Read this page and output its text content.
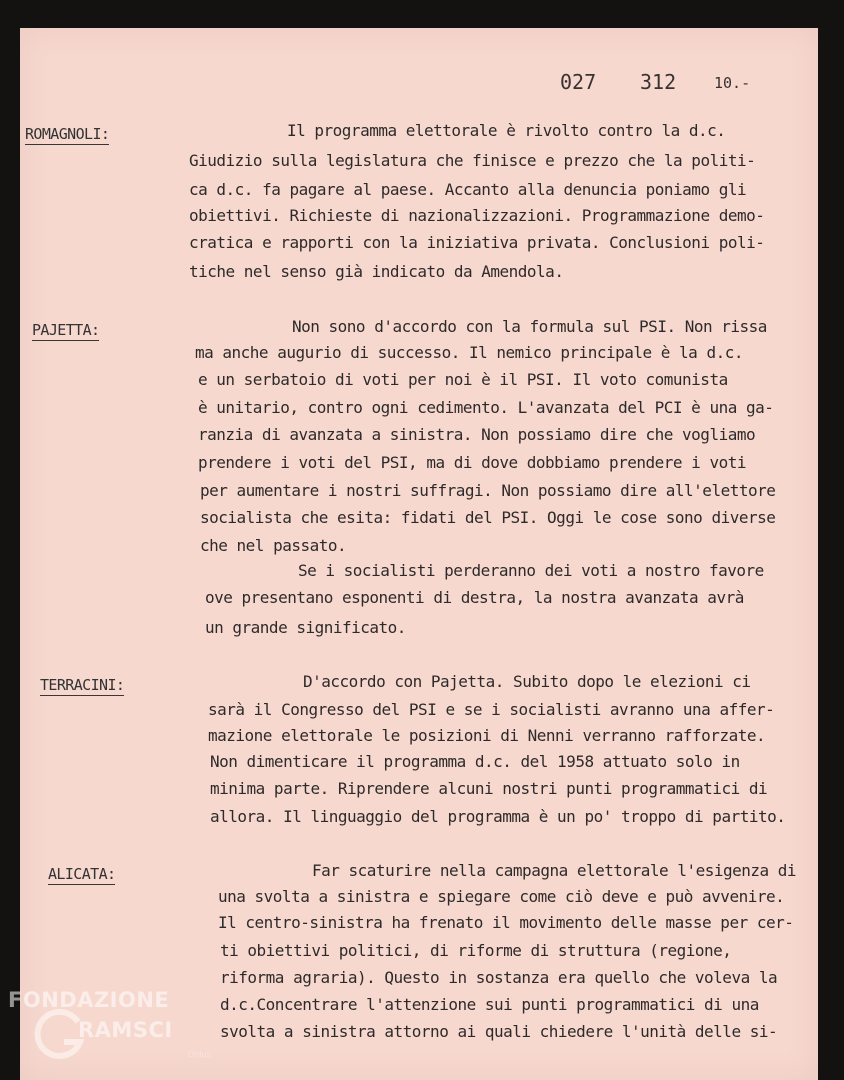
027 312	10.-
ROMAGNOLI:	Il programma elettorale è rivolto contro la d.c.
Giudizio sulla legislatura che finisce e prezzo che la politi-
ca d.c. fa pagare al paese. Accanto alla denuncia poniamo gli
obiettivi. Richieste di nazionalizzazioni. Programmazione demo-
cratica e rapporti con la iniziativa privata. Conclusioni poli-
tiche nel senso già indicato da Amendola.
PAJETTA:	Non sono d'accordo con la formula sul PSI. Non rissa
ma anche augurio di successo. Il nemico principale è la d.c.
e un serbatoio di voti per noi è il PSI. Il voto comunista
è unitario, contro ogni cedimento. L'avanzata del PCI è una ga-
ranzia di avanzata a sinistra. Non possiamo dire che vogliamo
prendere i voti del PSI, ma di dove dobbiamo prendere i voti
per aumentare i nostri suffragi. Non possiamo dire all'elettore
socialista che esita: fidati del PSI. Oggi le cose sono diverse
che nel passato.
Se i socialisti perderanno dei voti a nostro favore
ove presentano esponenti di destra, la nostra avanzata avrà
un grande significato.
TERRACINI:	D'accordo con Pajetta. Subito dopo le elezioni ci
sarà il Congresso del PSI e se i socialisti avranno una affer-
mazione elettorale le posizioni di Nenni verranno rafforzate.
Non dimenticare il programma d.c. del 1958 attuato solo in
minima parte. Riprendere alcuni nostri punti programmatici di
allora. Il linguaggio del programma è un po' troppo di partito.
ALICATA:	Far scaturire nella campagna elettorale l'esigenza di
una svolta a sinistra e spiegare come ciò deve e può avvenire.
Il centro-sinistra ha frenato il movimento delle masse per cer-
ti obiettivi politici, di riforme di struttura (regione,
riforma agraria). Questo in sostanza era quello che voleva la
d.c.Concentrare l'attenzione sui punti programmatici di una
svolta a sinistra attorno ai quali chiedere l'unità delle si-
FONDAZIONE
RAMSCI
Onlus
